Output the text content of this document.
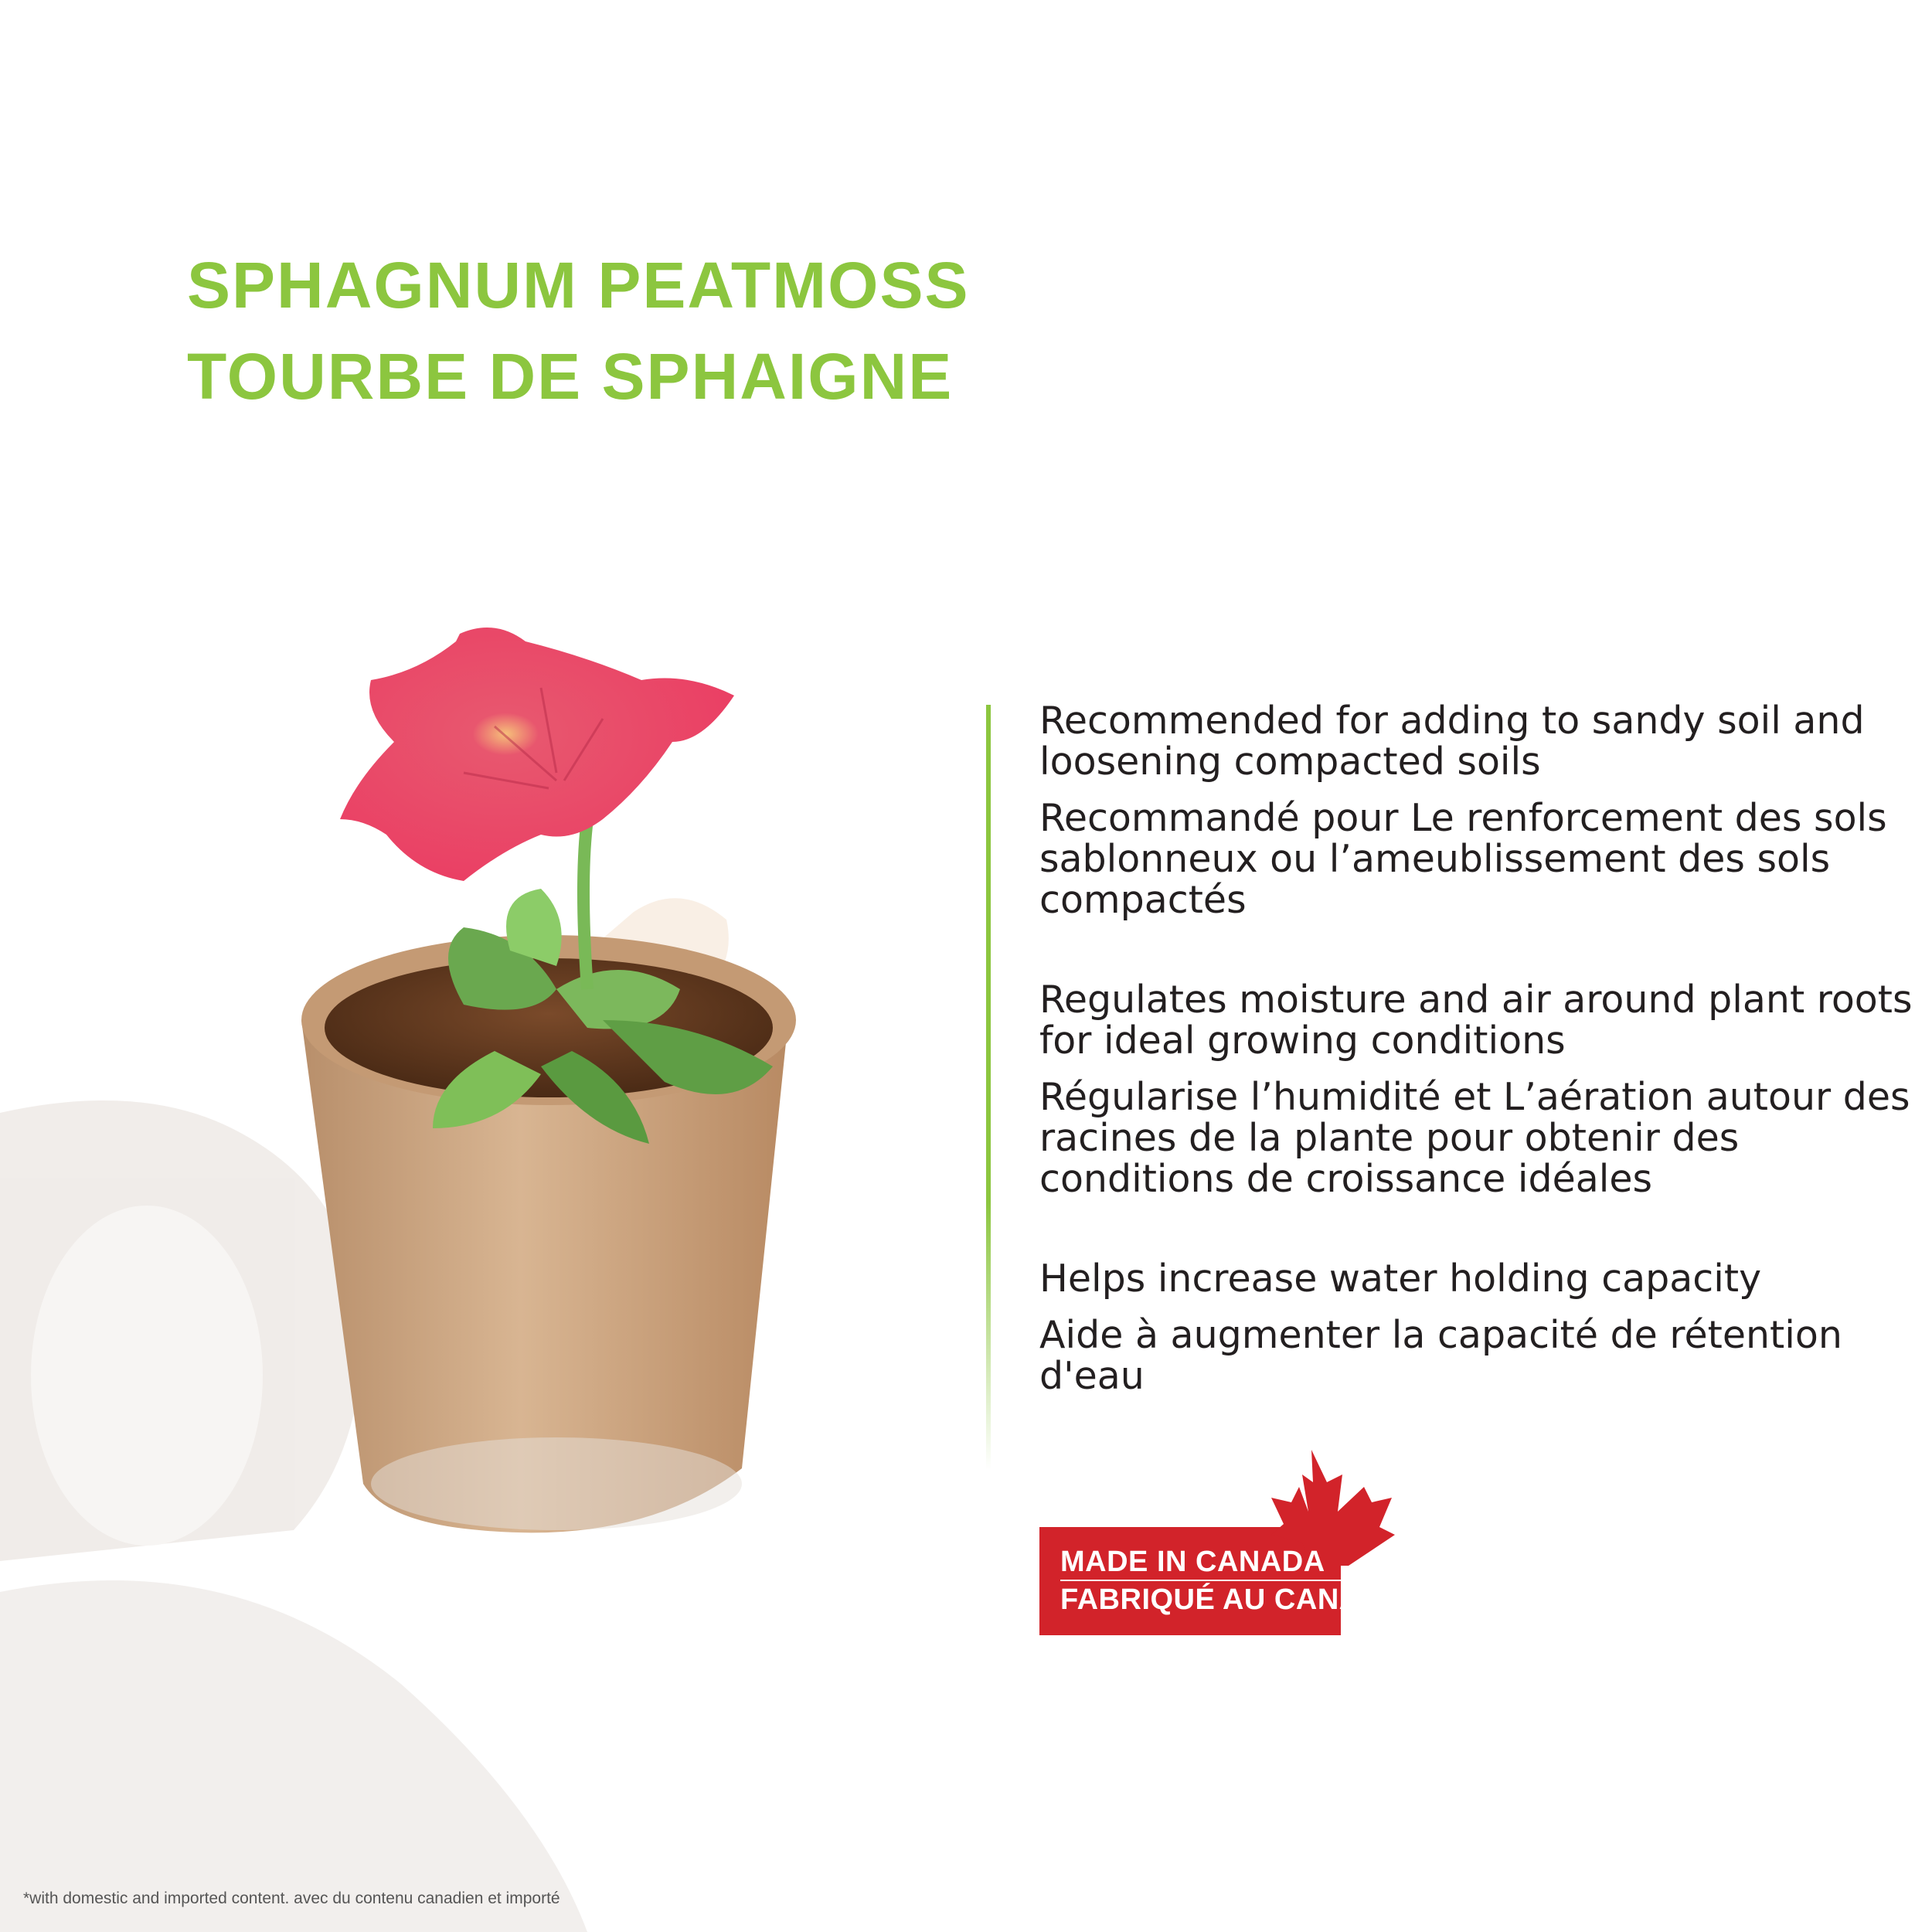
SPHAGNUM PEATMOSS
TOURBE DE SPHAIGNE

Recommended for adding to sandy soil and loosening compacted soils

Recommandé pour Le renforcement des sols sablonneux ou l’ameublissement des sols compactés

Regulates moisture and air around plant roots for ideal growing conditions

Régularise l’humidité et L’aération autour des racines de la plante pour obtenir des conditions de croissance idéales

Helps increase water holding capacity

Aide à augmenter la capacité de rétention d'eau

MADE IN CANADA
FABRIQUÉ AU CANADA
*with domestic and imported content. avec du contenu canadien et importé
